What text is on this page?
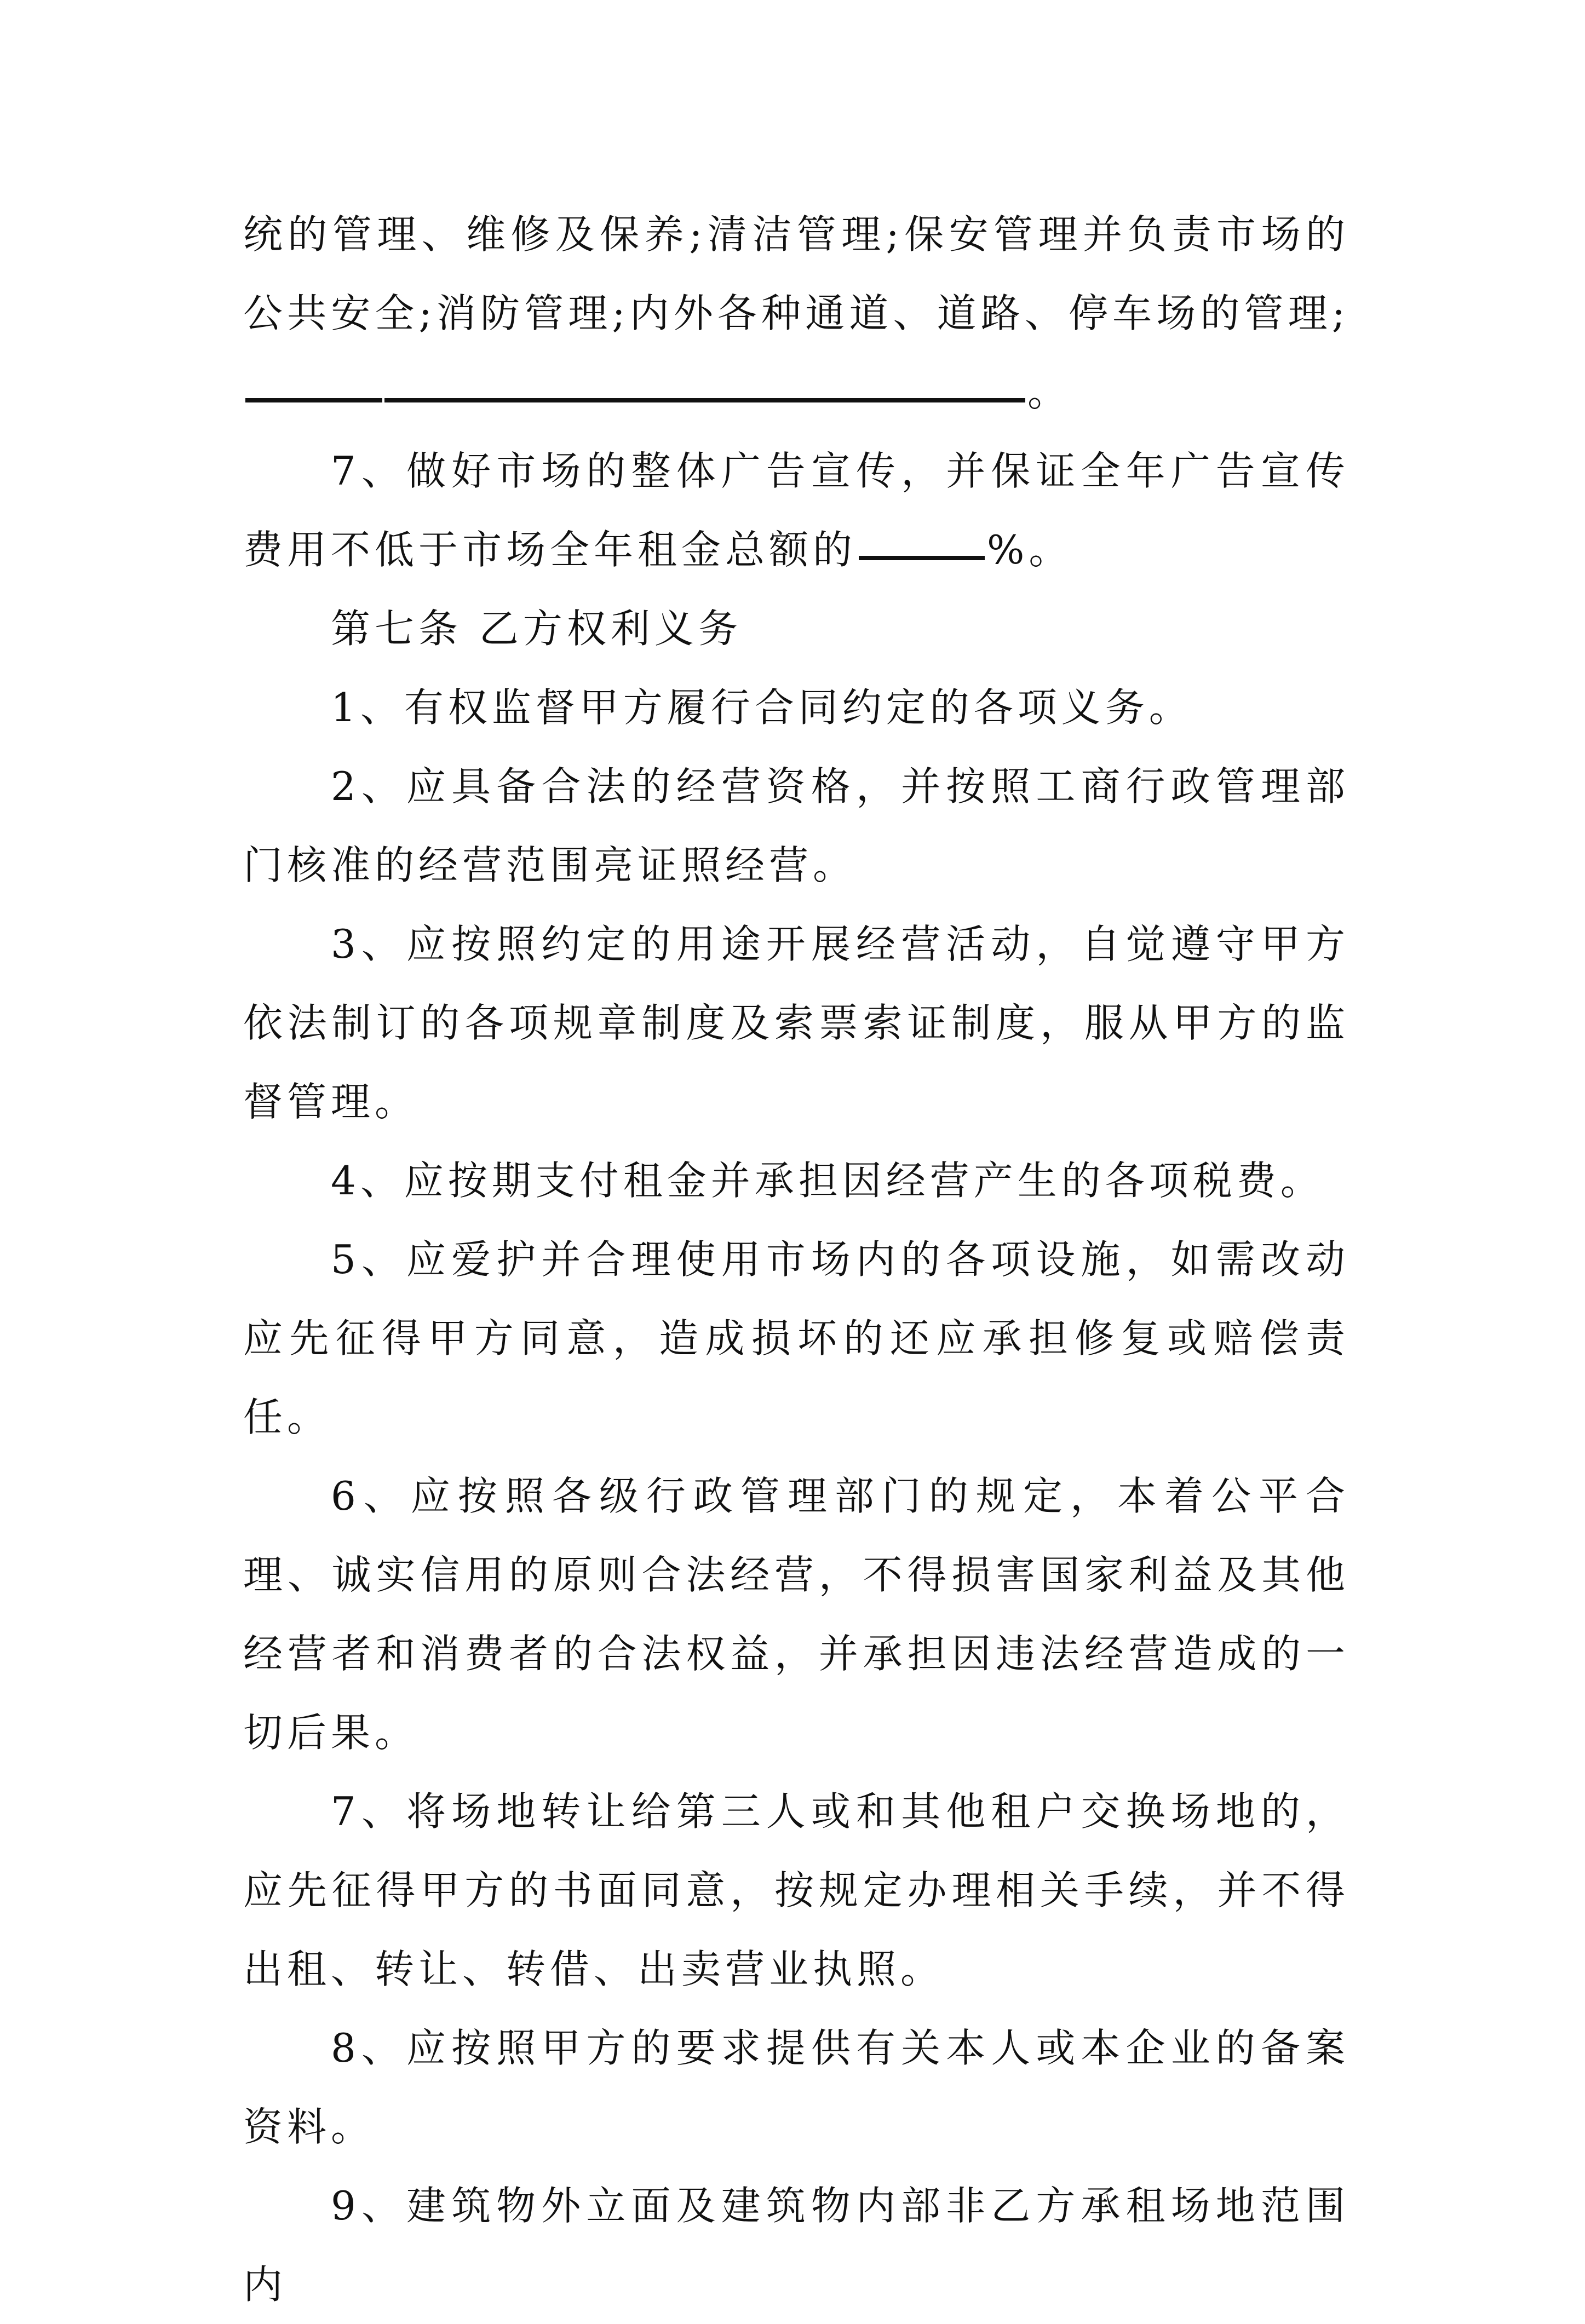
统的管理、维修及保养;清洁管理;保安管理并负责市场的公共安全;消防管理;内外各种通道、道路、停车场的管理;。

7、做好市场的整体广告宣传，并保证全年广告宣传费用不低于市场全年租金总额的	%。

第七条 乙方权利义务

1、有权监督甲方履行合同约定的各项义务。

2、应具备合法的经营资格，并按照工商行政管理部门核准的经营范围亮证照经营。

3、应按照约定的用途开展经营活动，自觉遵守甲方依法制订的各项规章制度及索票索证制度，服从甲方的监督管理。

4、应按期支付租金并承担因经营产生的各项税费。

5、应爱护并合理使用市场内的各项设施，如需改动应先征得甲方同意，造成损坏的还应承担修复或赔偿责任。

6、应按照各级行政管理部门的规定，本着公平合理、诚实信用的原则合法经营，不得损害国家利益及其他经营者和消费者的合法权益，并承担因违法经营造成的一切后果。

7、将场地转让给第三人或和其他租户交换场地的，应先征得甲方的书面同意，按规定办理相关手续，并不得出租、转让、转借、出卖营业执照。

8、应按照甲方的要求提供有关本人或本企业的备案资料。

9、建筑物外立面及建筑物内部非乙方承租场地范围内
